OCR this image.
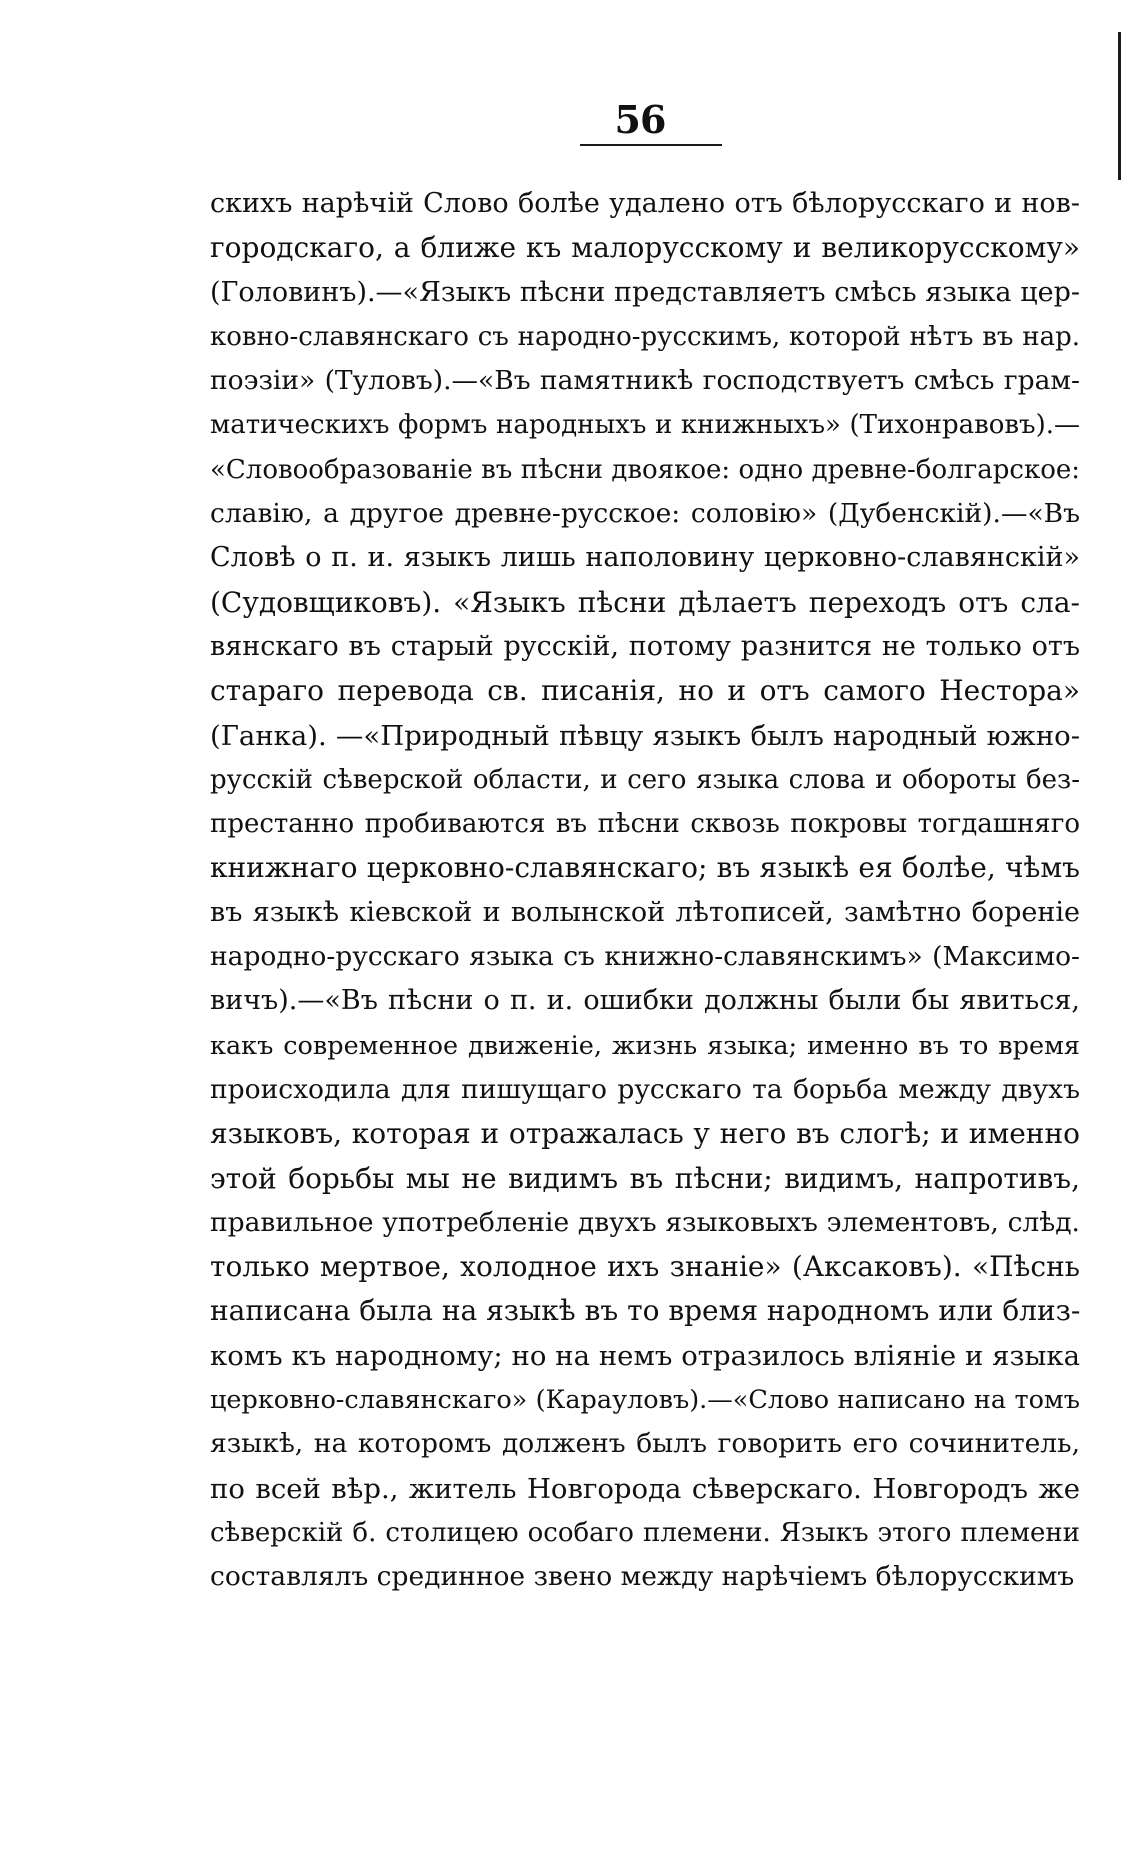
56
скихъ нарѣчій Слово болѣе удалено отъ бѣлорусскаго и нов-
городскаго, а ближе къ малорусскому и великорусскому»
(Головинъ).—«Языкъ пѣсни представляетъ смѣсь языка цер-
ковно-славянскаго съ народно-русскимъ, которой нѣтъ въ нар.
поэзіи» (Туловъ).—«Въ памятникѣ господствуетъ смѣсь грам-
матическихъ формъ народныхъ и книжныхъ» (Тихонравовъ).—
«Словообразованіе въ пѣсни двоякое: одно древне-болгарское:
славію, а другое древне-русское: соловію» (Дубенскій).—«Въ
Словѣ о п. и. языкъ лишь наполовину церковно-славянскій»
(Судовщиковъ). «Языкъ пѣсни дѣлаетъ переходъ отъ сла-
вянскаго въ старый русскій, потому разнится не только отъ
стараго перевода св. писанія, но и отъ самого Нестора»
(Ганка). —«Природный пѣвцу языкъ былъ народный южно-
русскій сѣверской области, и сего языка слова и обороты без-
престанно пробиваются въ пѣсни сквозь покровы тогдашняго
книжнаго церковно-славянскаго; въ языкѣ ея болѣе, чѣмъ
въ языкѣ кіевской и волынской лѣтописей, замѣтно бореніе
народно-русскаго языка съ книжно-славянскимъ» (Максимо-
вичъ).—«Въ пѣсни о п. и. ошибки должны были бы явиться,
какъ современное движеніе, жизнь языка; именно въ то время
происходила для пишущаго русскаго та борьба между двухъ
языковъ, которая и отражалась у него въ слогѣ; и именно
этой борьбы мы не видимъ въ пѣсни; видимъ, напротивъ,
правильное употребленіе двухъ языковыхъ элементовъ, слѣд.
только мертвое, холодное ихъ знаніе» (Аксаковъ). «Пѣснь
написана была на языкѣ въ то время народномъ или близ-
комъ къ народному; но на немъ отразилось вліяніе и языка
церковно-славянскаго» (Карауловъ).—«Слово написано на томъ
языкѣ, на которомъ долженъ былъ говорить его сочинитель,
по всей вѣр., житель Новгорода сѣверскаго. Новгородъ же
сѣверскій б. столицею особаго племени. Языкъ этого племени
составлялъ срединное звено между нарѣчіемъ бѣлорусскимъ
